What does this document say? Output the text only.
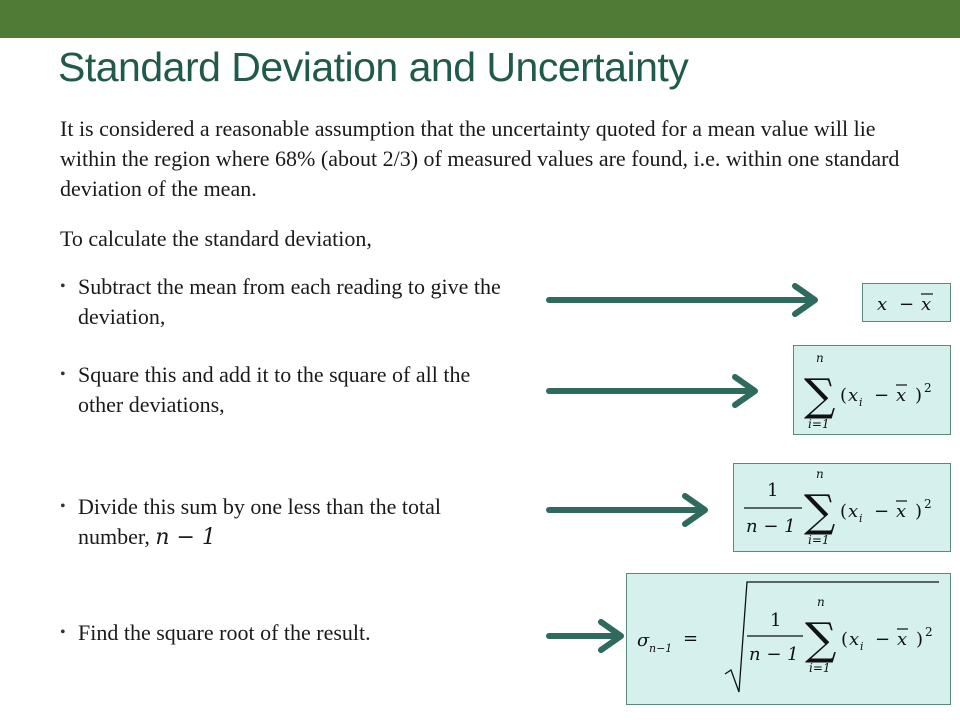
Standard Deviation and Uncertainty

It is considered a reasonable assumption that the uncertainty quoted for a mean value will lie within the region where 68% (about 2/3) of measured values are found, i.e. within one standard deviation of the mean.

To calculate the standard deviation,
• Subtract the mean from each reading to give the deviation,
• Square this and add it to the square of all the other deviations,
• Divide this sum by one less than the total number, n − 1
• Find the square root of the result.
x − x
n
∑
i=1
( x i − x ) 2
1
n − 1
n
∑
i=1
( x i − x ) 2
σ n−1 =
1
n − 1
n
∑
i=1
( x i − x ) 2
